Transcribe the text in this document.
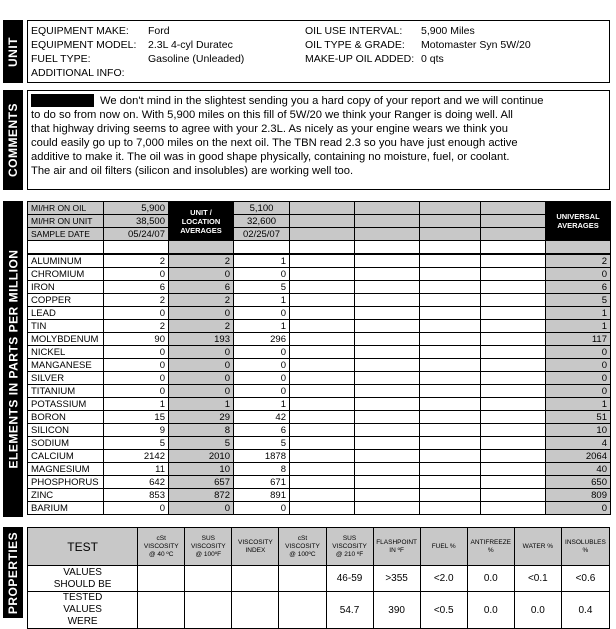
UNIT
EQUIPMENT MAKE: Ford
EQUIPMENT MODEL: 2.3L 4-cyl Duratec
FUEL TYPE:	Gasoline (Unleaded)
ADDITIONAL INFO:
OIL USE INTERVAL: 5,900 Miles
OIL TYPE & GRADE: Motomaster Syn 5W/20
MAKE-UP OIL ADDED: 0 qts
COMMENTS
We don't mind in the slightest sending you a hard copy of your report and we will continue
to do so from now on. With 5,900 miles on this fill of 5W/20 we think your Ranger is doing well. All
that highway driving seems to agree with your 2.3L. As nicely as your engine wears we think you
could easily go up to 7,000 miles on the next oil. The TBN read 2.3 so you have just enough active
additive to make it. The oil was in good shape physically, containing no moisture, fuel, or coolant.
The air and oil filters (silicon and insolubles) are working well too.
ELEMENTS IN PARTS PER MILLION
MI/HR ON OIL	5,900	UNIT / LOCATION AVERAGES	5,100					UNIVERSAL AVERAGES
MI/HR ON UNIT	38,500		32,600					
SAMPLE DATE	05/24/07		02/25/07					

ALUMINUM	2	2	1					2
CHROMIUM	0	0	0					0
IRON	6	6	5					6
COPPER	2	2	1					5
LEAD	0	0	0					1
TIN	2	2	1					1
MOLYBDENUM	90	193	296					117
NICKEL	0	0	0					0
MANGANESE	0	0	0					0
SILVER	0	0	0					0
TITANIUM	0	0	0					0
POTASSIUM	1	1	1					1
BORON	15	29	42					51
SILICON	9	8	6					10
SODIUM	5	5	5					4
CALCIUM	2142	2010	1878					2064
MAGNESIUM	11	10	8					40
PHOSPHORUS	642	657	671					650
ZINC	853	872	891					809
BARIUM	0	0	0					0
PROPERTIES	TEST	cSt VISCOSITY @ 40 ºC	SUS VISCOSITY @ 100ºF	VISCOSITY INDEX	cSt VISCOSITY @ 100ºC	SUS VISCOSITY @ 210 ºF	FLASHPOINT IN ºF	FUEL %	ANTIFREEZE %	WATER %	INSOLUBLES %
VALUES SHOULD BE					46-59	>355	<2.0	0.0	<0.1	<0.6
TESTED VALUES WERE					54.7	390	<0.5	0.0	0.0	0.4
